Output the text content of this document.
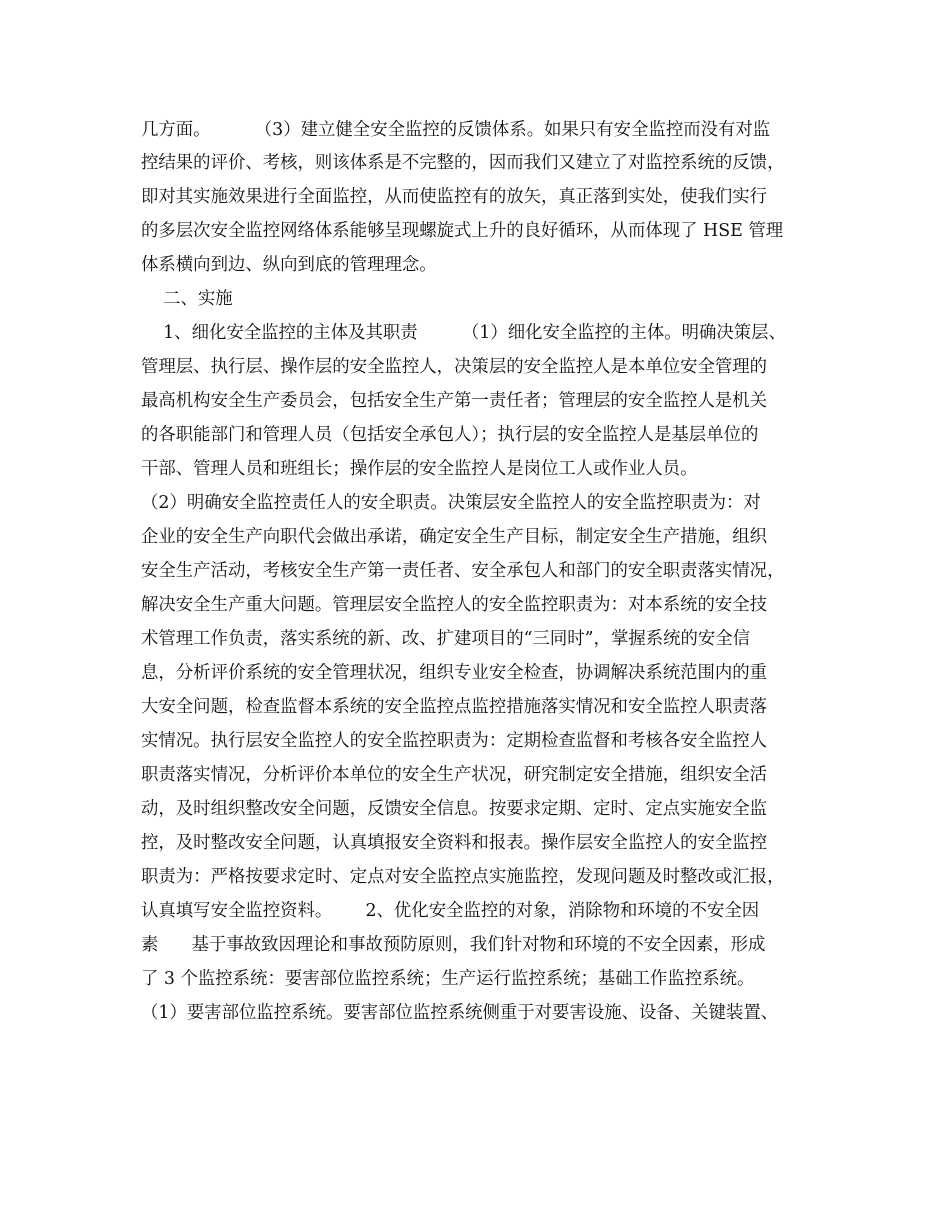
几方面。        （3）建立健全安全监控的反馈体系。如果只有安全监控而没有对监
控结果的评价、考核，则该体系是不完整的，因而我们又建立了对监控系统的反馈，
即对其实施效果进行全面监控，从而使监控有的放矢，真正落到实处，使我们实行
的多层次安全监控网络体系能够呈现螺旋式上升的良好循环，从而体现了 HSE 管理
体系横向到边、纵向到底的管理理念。
二、实施
1、细化安全监控的主体及其职责        （1）细化安全监控的主体。明确决策层、
管理层、执行层、操作层的安全监控人，决策层的安全监控人是本单位安全管理的
最高机构安全生产委员会，包括安全生产第一责任者；管理层的安全监控人是机关
的各职能部门和管理人员（包括安全承包人）；执行层的安全监控人是基层单位的
干部、管理人员和班组长；操作层的安全监控人是岗位工人或作业人员。
（2）明确安全监控责任人的安全职责。决策层安全监控人的安全监控职责为：对
企业的安全生产向职代会做出承诺，确定安全生产目标，制定安全生产措施，组织
安全生产活动，考核安全生产第一责任者、安全承包人和部门的安全职责落实情况，
解决安全生产重大问题。管理层安全监控人的安全监控职责为：对本系统的安全技
术管理工作负责，落实系统的新、改、扩建项目的“三同时”，掌握系统的安全信
息，分析评价系统的安全管理状况，组织专业安全检查，协调解决系统范围内的重
大安全问题，检查监督本系统的安全监控点监控措施落实情况和安全监控人职责落
实情况。执行层安全监控人的安全监控职责为：定期检查监督和考核各安全监控人
职责落实情况，分析评价本单位的安全生产状况，研究制定安全措施，组织安全活
动，及时组织整改安全问题，反馈安全信息。按要求定期、定时、定点实施安全监
控，及时整改安全问题，认真填报安全资料和报表。操作层安全监控人的安全监控
职责为：严格按要求定时、定点对安全监控点实施监控，发现问题及时整改或汇报，
认真填写安全监控资料。      2、优化安全监控的对象，消除物和环境的不安全因
素      基于事故致因理论和事故预防原则，我们针对物和环境的不安全因素，形成
了 3 个监控系统：要害部位监控系统；生产运行监控系统；基础工作监控系统。
（1）要害部位监控系统。要害部位监控系统侧重于对要害设施、设备、关键装置、
